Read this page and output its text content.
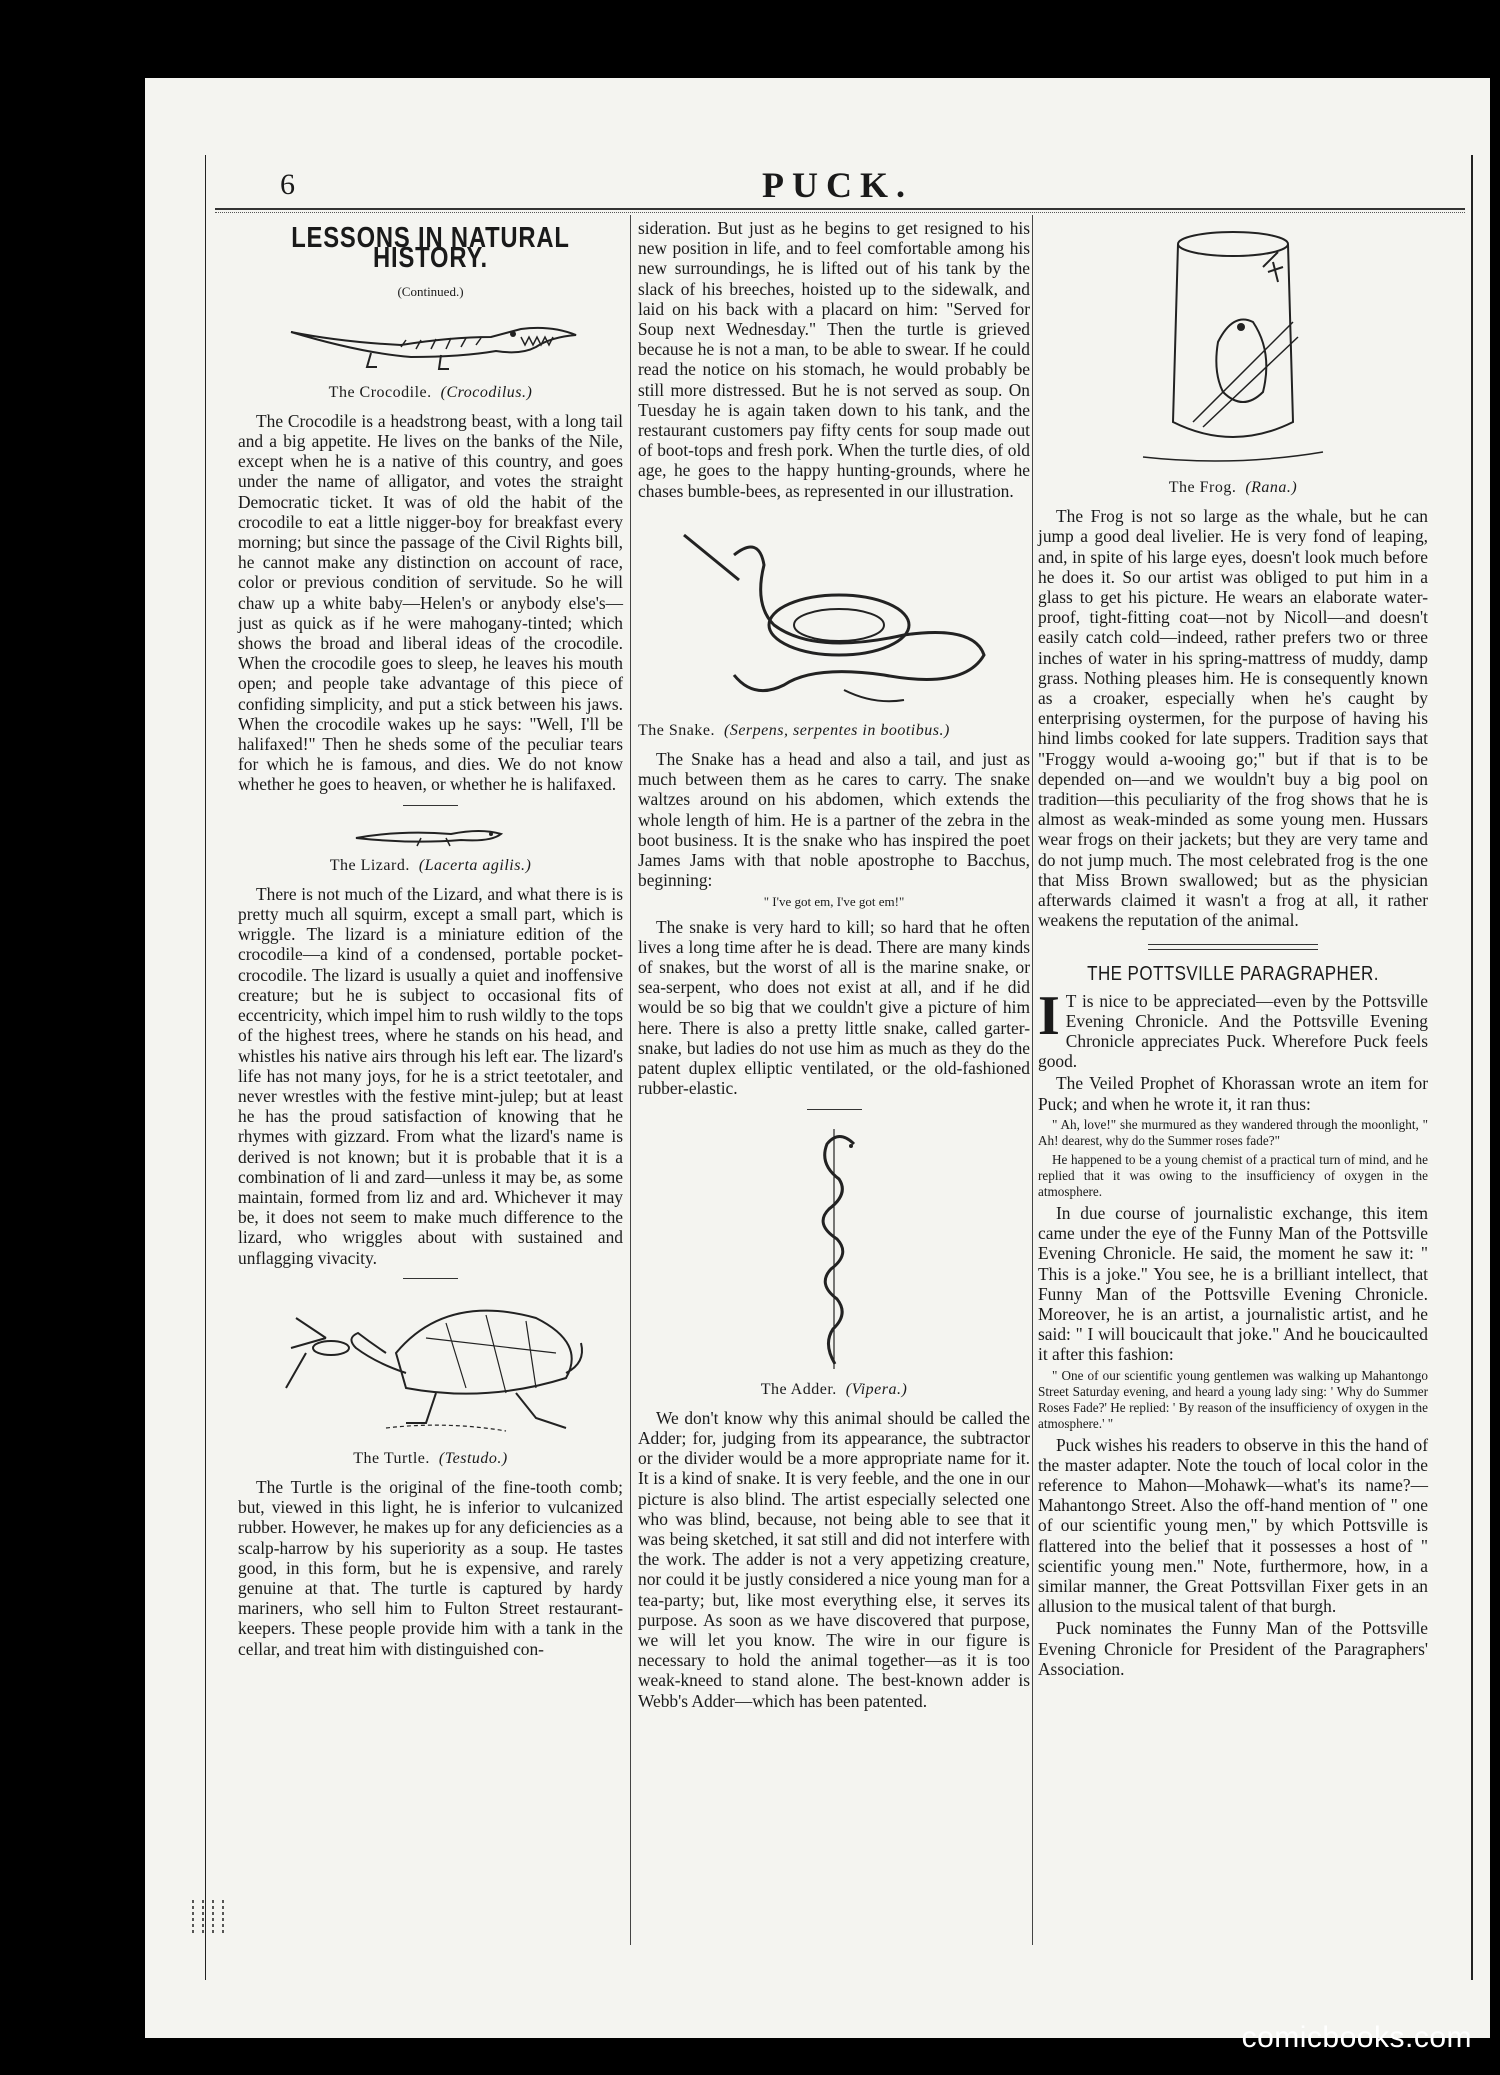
6	PUCK.
LESSONS IN NATURAL HISTORY.
(Continued.)
The Crocodile. (Crocodilus.)

The Crocodile is a headstrong beast, with a long tail and a big appetite. He lives on the banks of the Nile, except when he is a native of this country, and goes under the name of alligator, and votes the straight Democratic ticket. It was of old the habit of the crocodile to eat a little nigger-boy for breakfast every morning; but since the passage of the Civil Rights bill, he cannot make any distinction on account of race, color or previous condition of servitude. So he will chaw up a white baby—Helen's or anybody else's—just as quick as if he were mahogany-tinted; which shows the broad and liberal ideas of the crocodile. When the crocodile goes to sleep, he leaves his mouth open; and people take advantage of this piece of confiding simplicity, and put a stick between his jaws. When the crocodile wakes up he says: "Well, I'll be halifaxed!" Then he sheds some of the peculiar tears for which he is famous, and dies. We do not know whether he goes to heaven, or whether he is halifaxed.

The Lizard. (Lacerta agilis.)

There is not much of the Lizard, and what there is is pretty much all squirm, except a small part, which is wriggle. The lizard is a miniature edition of the crocodile—a kind of a condensed, portable pocket-crocodile. The lizard is usually a quiet and inoffensive creature; but he is subject to occasional fits of eccentricity, which impel him to rush wildly to the tops of the highest trees, where he stands on his head, and whistles his native airs through his left ear. The lizard's life has not many joys, for he is a strict teetotaler, and never wrestles with the festive mint-julep; but at least he has the proud satisfaction of knowing that he rhymes with gizzard. From what the lizard's name is derived is not known; but it is probable that it is a combination of li and zard—unless it may be, as some maintain, formed from liz and ard. Whichever it may be, it does not seem to make much difference to the lizard, who wriggles about with sustained and unflagging vivacity.

The Turtle. (Testudo.)

The Turtle is the original of the fine-tooth comb; but, viewed in this light, he is inferior to vulcanized rubber. However, he makes up for any deficiencies as a scalp-harrow by his superiority as a soup. He tastes good, in this form, but he is expensive, and rarely genuine at that. The turtle is captured by hardy mariners, who sell him to Fulton Street restaurant-keepers. These people provide him with a tank in the cellar, and treat him with distinguished con-

sideration. But just as he begins to get resigned to his new position in life, and to feel comfortable among his new surroundings, he is lifted out of his tank by the slack of his breeches, hoisted up to the sidewalk, and laid on his back with a placard on him: "Served for Soup next Wednesday." Then the turtle is grieved because he is not a man, to be able to swear. If he could read the notice on his stomach, he would probably be still more distressed. But he is not served as soup. On Tuesday he is again taken down to his tank, and the restaurant customers pay fifty cents for soup made out of boot-tops and fresh pork. When the turtle dies, of old age, he goes to the happy hunting-grounds, where he chases bumble-bees, as represented in our illustration.

The Snake. (Serpens, serpentes in bootibus.)

The Snake has a head and also a tail, and just as much between them as he cares to carry. The snake waltzes around on his abdomen, which extends the whole length of him. He is a partner of the zebra in the boot business. It is the snake who has inspired the poet James Jams with that noble apostrophe to Bacchus, beginning:

" I've got em, I've got em!"

The snake is very hard to kill; so hard that he often lives a long time after he is dead. There are many kinds of snakes, but the worst of all is the marine snake, or sea-serpent, who does not exist at all, and if he did would be so big that we couldn't give a picture of him here. There is also a pretty little snake, called garter-snake, but ladies do not use him as much as they do the patent duplex elliptic ventilated, or the old-fashioned rubber-elastic.

The Adder. (Vipera.)

We don't know why this animal should be called the Adder; for, judging from its appearance, the subtractor or the divider would be a more appropriate name for it. It is a kind of snake. It is very feeble, and the one in our picture is also blind. The artist especially selected one who was blind, because, not being able to see that it was being sketched, it sat still and did not interfere with the work. The adder is not a very appetizing creature, nor could it be justly considered a nice young man for a tea-party; but, like most everything else, it serves its purpose. As soon as we have discovered that purpose, we will let you know. The wire in our figure is necessary to hold the animal together—as it is too weak-kneed to stand alone. The best-known adder is Webb's Adder—which has been patented.

The Frog. (Rana.)

The Frog is not so large as the whale, but he can jump a good deal livelier. He is very fond of leaping, and, in spite of his large eyes, doesn't look much before he does it. So our artist was obliged to put him in a glass to get his picture. He wears an elaborate water-proof, tight-fitting coat—not by Nicoll—and doesn't easily catch cold—indeed, rather prefers two or three inches of water in his spring-mattress of muddy, damp grass. Nothing pleases him. He is consequently known as a croaker, especially when he's caught by enterprising oystermen, for the purpose of having his hind limbs cooked for late suppers. Tradition says that "Froggy would a-wooing go;" but if that is to be depended on—and we wouldn't buy a big pool on tradition—this peculiarity of the frog shows that he is almost as weak-minded as some young men. Hussars wear frogs on their jackets; but they are very tame and do not jump much. The most celebrated frog is the one that Miss Brown swallowed; but as the physician afterwards claimed it wasn't a frog at all, it rather weakens the reputation of the animal.

THE POTTSVILLE PARAGRAPHER.

I T is nice to be appreciated—even by the Pottsville Evening Chronicle. And the Pottsville Evening Chronicle appreciates Puck. Wherefore Puck feels good.

The Veiled Prophet of Khorassan wrote an item for Puck; and when he wrote it, it ran thus:

" Ah, love!" she murmured as they wandered through the moonlight, " Ah! dearest, why do the Summer roses fade?"

He happened to be a young chemist of a practical turn of mind, and he replied that it was owing to the insufficiency of oxygen in the atmosphere.

In due course of journalistic exchange, this item came under the eye of the Funny Man of the Pottsville Evening Chronicle. He said, the moment he saw it: " This is a joke." You see, he is a brilliant intellect, that Funny Man of the Pottsville Evening Chronicle. Moreover, he is an artist, a journalistic artist, and he said: " I will boucicault that joke." And he boucicaulted it after this fashion:

" One of our scientific young gentlemen was walking up Mahantongo Street Saturday evening, and heard a young lady sing: ' Why do Summer Roses Fade?' He replied: ' By reason of the insufficiency of oxygen in the atmosphere.' "

Puck wishes his readers to observe in this the hand of the master adapter. Note the touch of local color in the reference to Mahon—Mohawk—what's its name?—Mahantongo Street. Also the off-hand mention of " one of our scientific young men," by which Pottsville is flattered into the belief that it possesses a host of " scientific young men." Note, furthermore, how, in a similar manner, the Great Pottsvillan Fixer gets in an allusion to the musical talent of that burgh.

Puck nominates the Funny Man of the Pottsville Evening Chronicle for President of the Paragraphers' Association.

comicbooks.com
